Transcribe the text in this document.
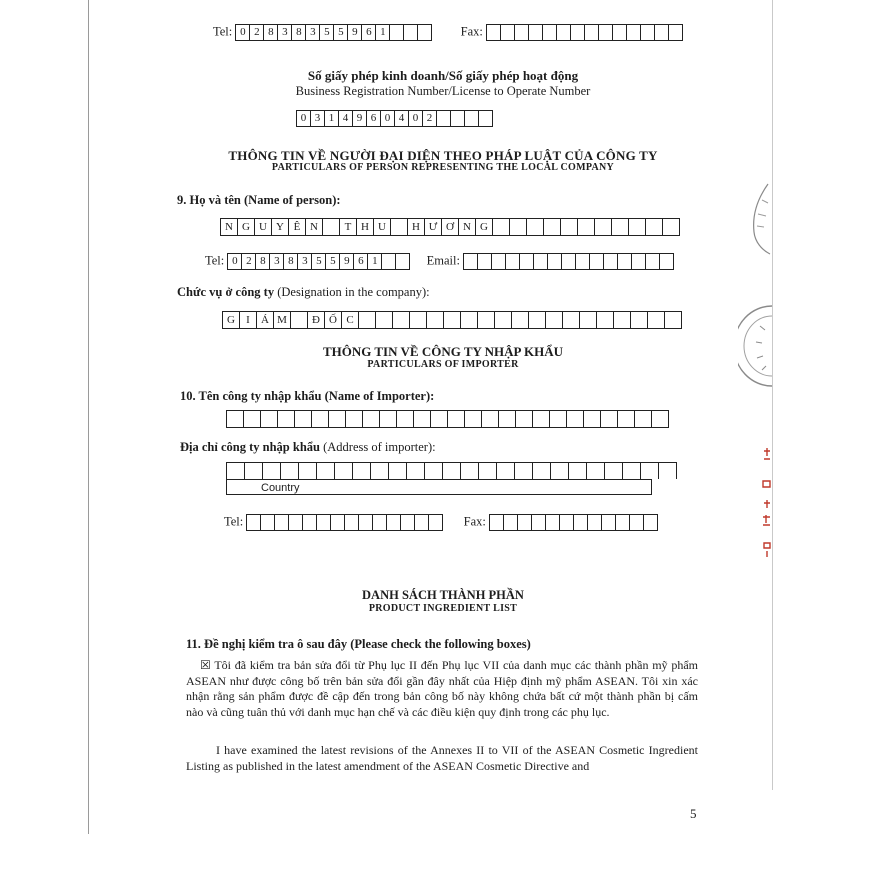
Tel: 0 2 8 3 8 3 5 5 9 6 1	Fax:
Số giấy phép kinh doanh/Số giấy phép hoạt động
Business Registration Number/License to Operate Number
0 3 1 4 9 6 0 4 0 2
THÔNG TIN VỀ NGƯỜI ĐẠI DIỆN THEO PHÁP LUẬT CỦA CÔNG TY
PARTICULARS OF PERSON REPRESENTING THE LOCAL COMPANY
9. Họ và tên (Name of person):
N G U Y Ê N	T H U	H Ư Ơ N G
Tel: 0 2 8 3 8 3 5 5 9 6 1	Email:
Chức vụ ở công ty (Designation in the company):
G	I	Á M	Đ Ố C
THÔNG TIN VỀ CÔNG TY NHẬP KHẨU
PARTICULARS OF IMPORTER
10. Tên công ty nhập khẩu (Name of Importer):
Địa chỉ công ty nhập khẩu (Address of importer):
Country
Tel:	Fax:
DANH SÁCH THÀNH PHẦN
PRODUCT INGREDIENT LIST
11. Đề nghị kiểm tra ô sau đây (Please check the following boxes)
☒ Tôi đã kiểm tra bản sửa đổi từ Phụ lục II đến Phụ lục VII của danh mục các thành phần mỹ phẩm ASEAN như được công bố trên bản sửa đổi gần đây nhất của Hiệp định mỹ phẩm ASEAN. Tôi xin xác nhận rằng sản phẩm được đề cập đến trong bản công bố này không chứa bất cứ một thành phần bị cấm nào và cũng tuân thủ với danh mục hạn chế và các điều kiện quy định trong các phụ lục.
I have examined the latest revisions of the Annexes II to VII of the ASEAN Cosmetic Ingredient Listing as published in the latest amendment of the ASEAN Cosmetic Directive and
5
